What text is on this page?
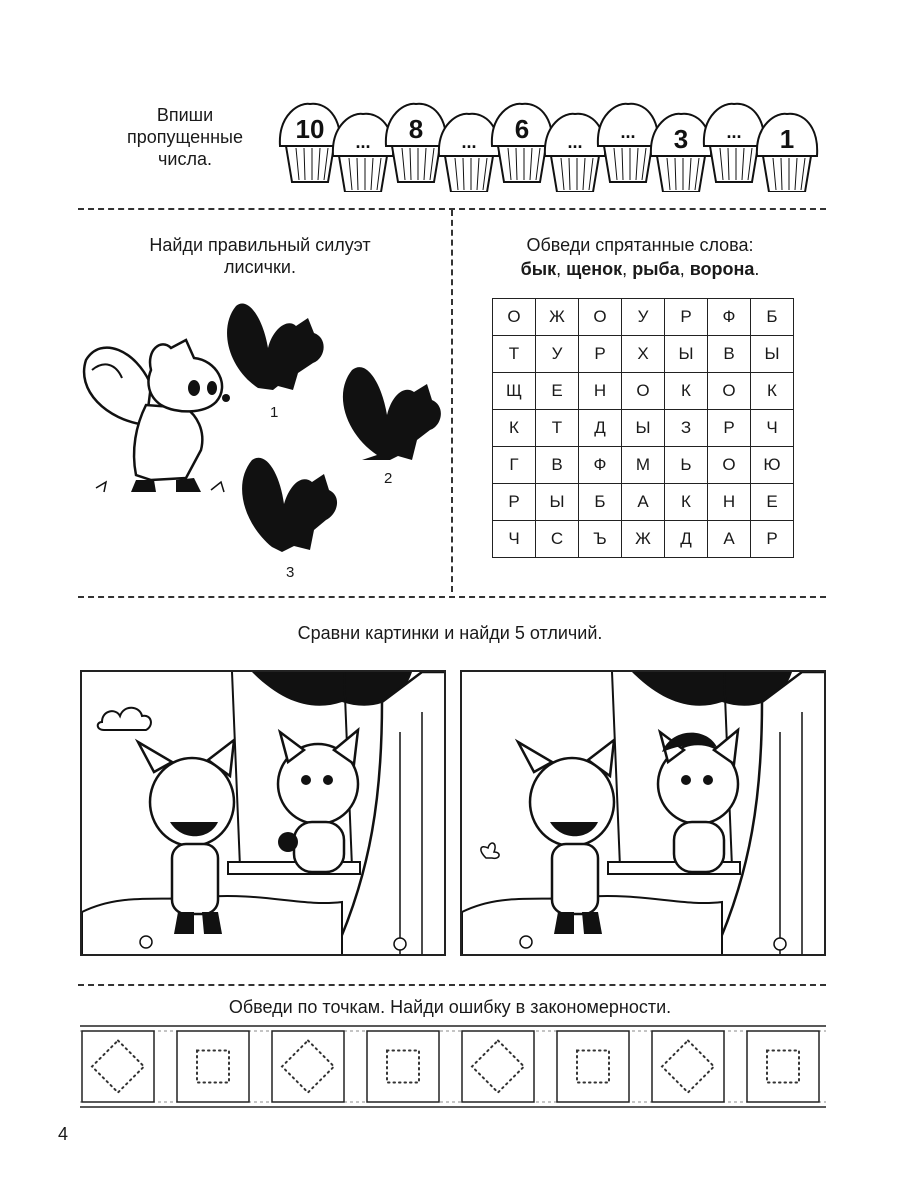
Впиши пропущенные числа.
10 ... 8 ... 6 ... ... 3 ... 1
Найди правильный силуэт лисички.
1
2
3
Обведи спрятанные слова:
бык, щенок, рыба, ворона.
О	Ж	О	У	Р	Ф	Б
Т	У	Р	Х	Ы	В	Ы
Щ	Е	Н	О	К	О	К
К	Т	Д	Ы	З	Р	Ч
Г	В	Ф	М	Ь	О	Ю
Р	Ы	Б	А	К	Н	Е
Ч	С	Ъ	Ж	Д	А	Р
Сравни картинки и найди 5 отличий.
Обведи по точкам. Найди ошибку в закономерности.
4
